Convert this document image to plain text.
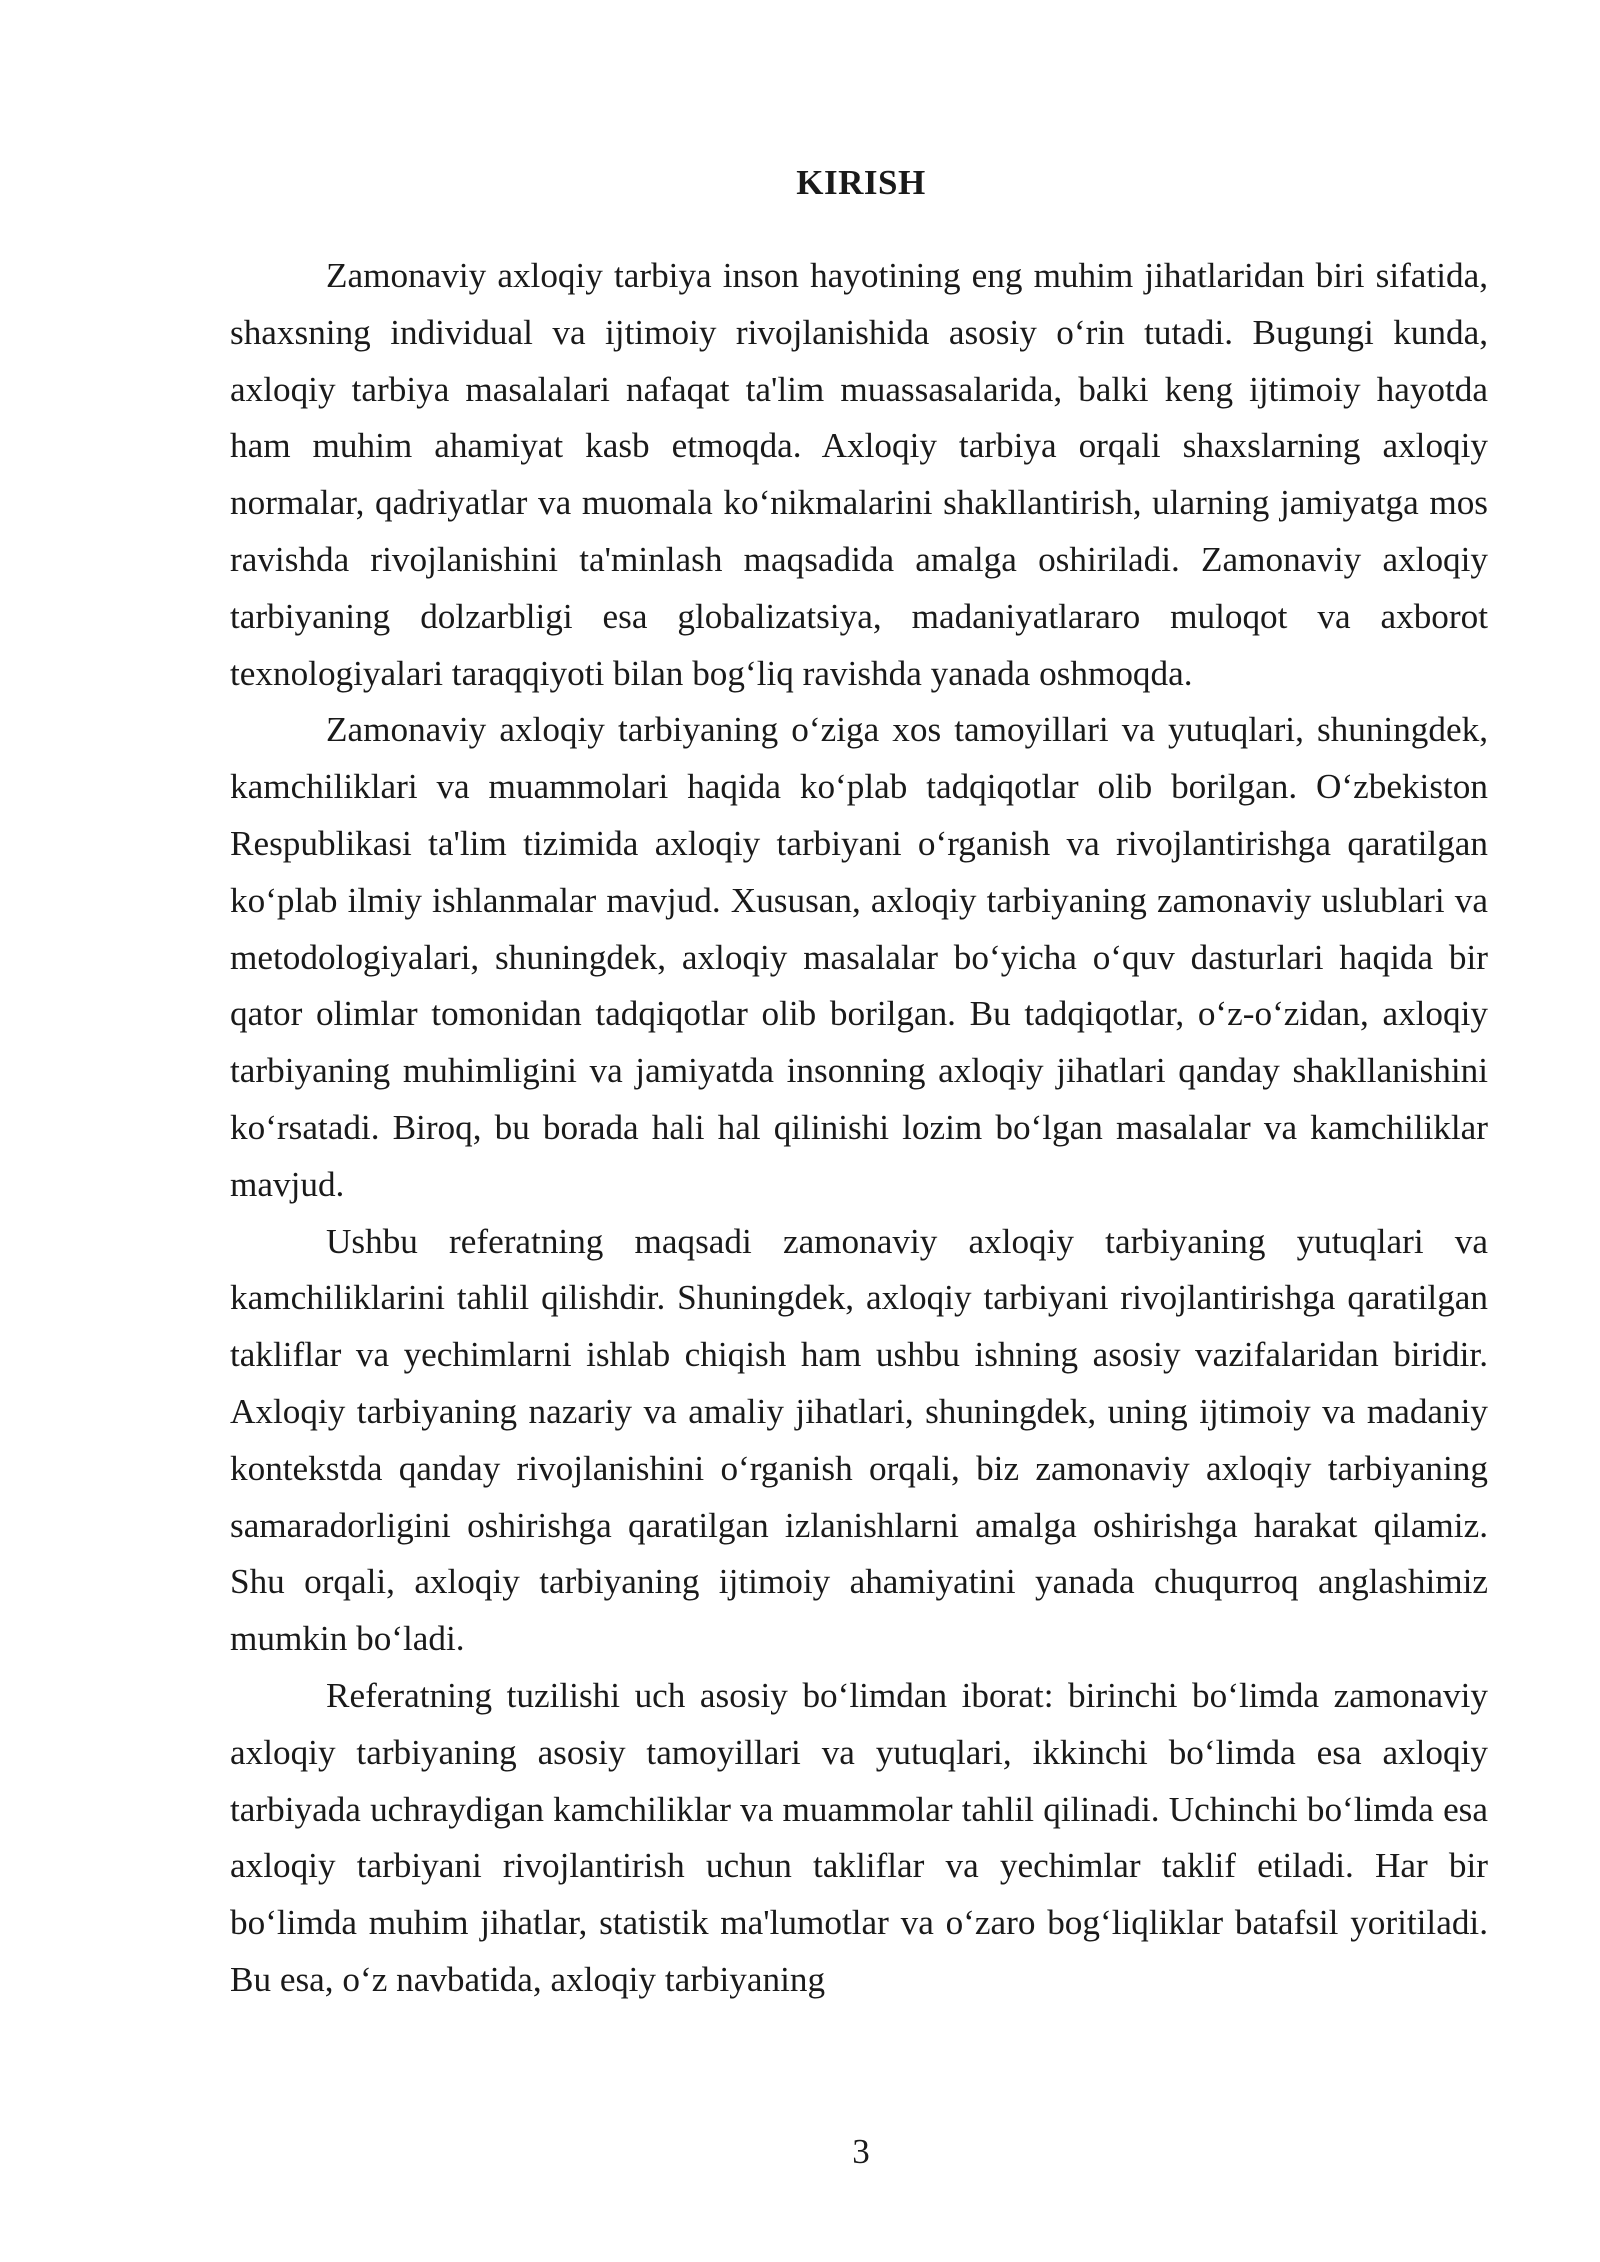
KIRISH

Zamonaviy axloqiy tarbiya inson hayotining eng muhim jihatlaridan biri sifatida, shaxsning individual va ijtimoiy rivojlanishida asosiy o‘rin tutadi. Bugungi kunda, axloqiy tarbiya masalalari nafaqat ta'lim muassasalarida, balki keng ijtimoiy hayotda ham muhim ahamiyat kasb etmoqda. Axloqiy tarbiya orqali shaxslarning axloqiy normalar, qadriyatlar va muomala ko‘nikmalarini shakllantirish, ularning jamiyatga mos ravishda rivojlanishini ta'minlash maqsadida amalga oshiriladi. Zamonaviy axloqiy tarbiyaning dolzarbligi esa globalizatsiya, madaniyatlararo muloqot va axborot texnologiyalari taraqqiyoti bilan bog‘liq ravishda yanada oshmoqda.

Zamonaviy axloqiy tarbiyaning o‘ziga xos tamoyillari va yutuqlari, shuningdek, kamchiliklari va muammolari haqida ko‘plab tadqiqotlar olib borilgan. O‘zbekiston Respublikasi ta'lim tizimida axloqiy tarbiyani o‘rganish va rivojlantirishga qaratilgan ko‘plab ilmiy ishlanmalar mavjud. Xususan, axloqiy tarbiyaning zamonaviy uslublari va metodologiyalari, shuningdek, axloqiy masalalar bo‘yicha o‘quv dasturlari haqida bir qator olimlar tomonidan tadqiqotlar olib borilgan. Bu tadqiqotlar, o‘z-o‘zidan, axloqiy tarbiyaning muhimligini va jamiyatda insonning axloqiy jihatlari qanday shakllanishini ko‘rsatadi. Biroq, bu borada hali hal qilinishi lozim bo‘lgan masalalar va kamchiliklar mavjud.

Ushbu referatning maqsadi zamonaviy axloqiy tarbiyaning yutuqlari va kamchiliklarini tahlil qilishdir. Shuningdek, axloqiy tarbiyani rivojlantirishga qaratilgan takliflar va yechimlarni ishlab chiqish ham ushbu ishning asosiy vazifalaridan biridir. Axloqiy tarbiyaning nazariy va amaliy jihatlari, shuningdek, uning ijtimoiy va madaniy kontekstda qanday rivojlanishini o‘rganish orqali, biz zamonaviy axloqiy tarbiyaning samaradorligini oshirishga qaratilgan izlanishlarni amalga oshirishga harakat qilamiz. Shu orqali, axloqiy tarbiyaning ijtimoiy ahamiyatini yanada chuqurroq anglashimiz mumkin bo‘ladi.

Referatning tuzilishi uch asosiy bo‘limdan iborat: birinchi bo‘limda zamonaviy axloqiy tarbiyaning asosiy tamoyillari va yutuqlari, ikkinchi bo‘limda esa axloqiy tarbiyada uchraydigan kamchiliklar va muammolar tahlil qilinadi. Uchinchi bo‘limda esa axloqiy tarbiyani rivojlantirish uchun takliflar va yechimlar taklif etiladi. Har bir bo‘limda muhim jihatlar, statistik ma'lumotlar va o‘zaro bog‘liqliklar batafsil yoritiladi. Bu esa, o‘z navbatida, axloqiy tarbiyaning

3
